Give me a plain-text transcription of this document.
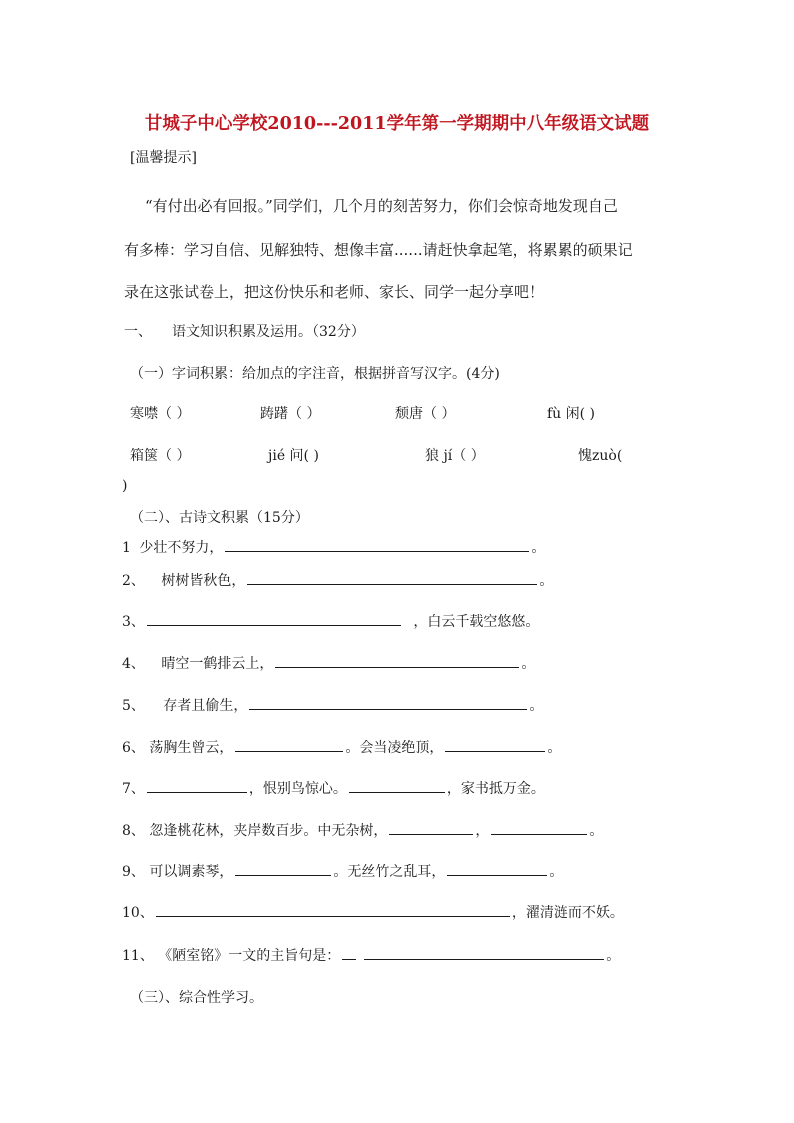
甘城子中心学校2010---2011学年第一学期期中八年级语文试题
[温馨提示]
“有付出必有回报。”同学们，几个月的刻苦努力，你们会惊奇地发现自己
有多棒：学习自信、见解独特、想像丰富......请赶快拿起笔，将累累的硕果记
录在这张试卷上，把这份快乐和老师、家长、同学一起分享吧！
一、 语文知识积累及运用。（32分）
（一）字词积累：给加点的字注音，根据拼音写汉字。(4分)
寒噤（ ）	踌躇（ ）	颓唐（ ）	fù 闲( )
箱箧（ ）	jié 问( )	狼 jí（ ）	愧zuò(
)
（二）、古诗文积累（15分）
1 少壮不努力，	。
2、 树树皆秋色，	。
3、	，白云千载空悠悠。
4、 晴空一鹤排云上，	。
5、 存者且偷生，	。
6、 荡胸生曾云，	。会当凌绝顶，	。
7、	，恨别鸟惊心。	，家书抵万金。
8、 忽逢桃花林，夹岸数百步。中无杂树，	，	。
9、 可以调素琴，	。无丝竹之乱耳，	。
10、	，濯清涟而不妖。
11、 《陋室铭》一文的主旨句是：	。
（三）、综合性学习。
